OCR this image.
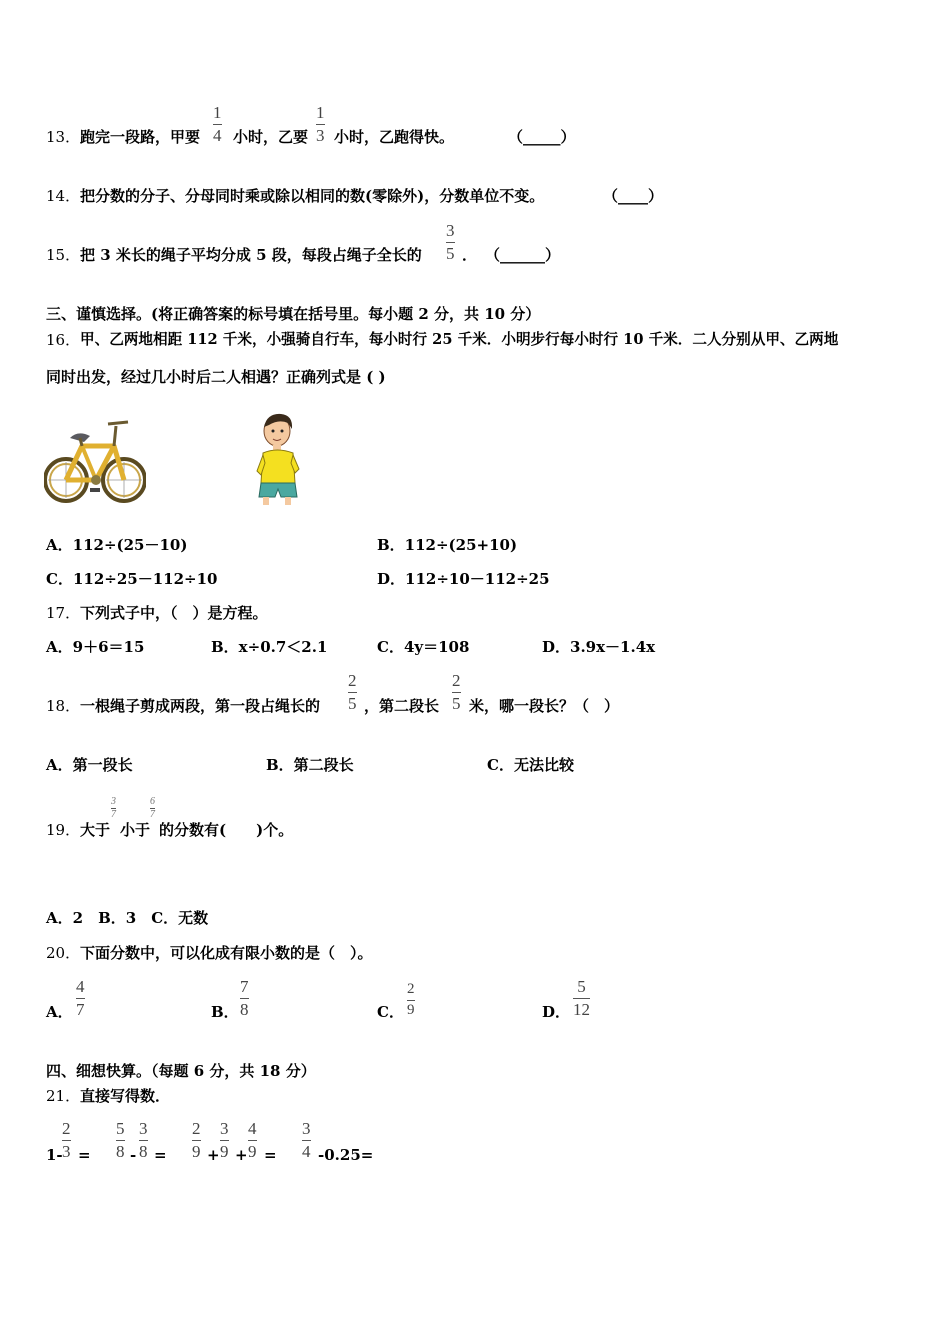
13． 跑完一段路，甲要
1
4 小时，乙要
1
3 小时，乙跑得快。	（_____）
14． 把分数的分子、分母同时乘或除以相同的数(零除外)，分数单位不变。	（____）
15． 把 3 米长的绳子平均分成 5 段，每段占绳子全长的
3
5 ． （______）
三、谨慎选择。(将正确答案的标号填在括号里。每小题 2 分，共 10 分）
16． 甲、乙两地相距 112 千米，小强骑自行车，每小时行 25 千米．小明步行每小时行 10 千米．二人分别从甲、乙两地
同时出发，经过几小时后二人相遇？正确列式是 ( )
A．112÷(25－10)	B．112÷(25+10)
C．112÷25－112÷10	D．112÷10－112÷25
17． 下列式子中，（　）是方程。
A．9＋6＝15	B．x÷0.7＜2.1	C．4y＝108	D．3.9x－1.4x
18． 一根绳子剪成两段，第一段占绳长的
2
5 ，第二段长
2
5 米，哪一段长？（　）
A．第一段长	B．第二段长	C．无法比较
19． 大于
3
7
小于
6
7
的分数有(　　)个。
A．2　B．3　C．无数
20． 下面分数中，可以化成有限小数的是（　）。
A．
4
7	B．
7
8	C．
2
9	D．
5
12
四、细想快算。（每题 6 分，共 18 分）
21． 直接写得数．
1-
2
3 =
5
8 -
3
8 =
2
9 +
3
9 +
4
9 =
3
4 -0.25=
